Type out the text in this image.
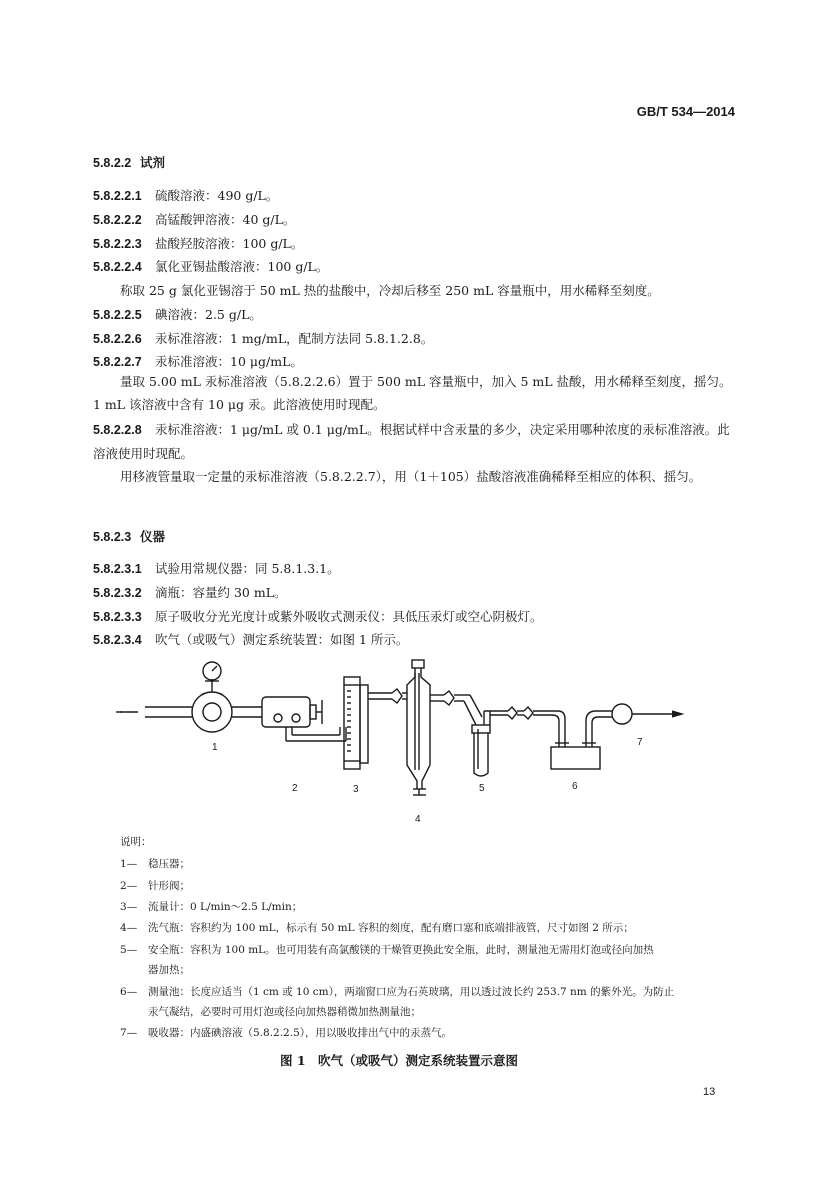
GB/T 534—2014
5.8.2.2 试剂
5.8.2.2.1 硫酸溶液：490 g/L。
5.8.2.2.2 高锰酸钾溶液：40 g/L。
5.8.2.2.3 盐酸羟胺溶液：100 g/L。
5.8.2.2.4 氯化亚锡盐酸溶液：100 g/L。
称取 25 g 氯化亚锡溶于 50 mL 热的盐酸中，冷却后移至 250 mL 容量瓶中，用水稀释至刻度。
5.8.2.2.5 碘溶液：2.5 g/L。
5.8.2.2.6 汞标准溶液：1 mg/mL，配制方法同 5.8.1.2.8。
5.8.2.2.7 汞标准溶液：10 μg/mL。
量取 5.00 mL 汞标准溶液（5.8.2.2.6）置于 500 mL 容量瓶中，加入 5 mL 盐酸，用水稀释至刻度，摇匀。1 mL 该溶液中含有 10 μg 汞。此溶液使用时现配。
5.8.2.2.8 汞标准溶液：1 μg/mL 或 0.1 μg/mL。根据试样中含汞量的多少，决定采用哪种浓度的汞标准溶液。此溶液使用时现配。
用移液管量取一定量的汞标准溶液（5.8.2.2.7），用（1＋105）盐酸溶液准确稀释至相应的体积、摇匀。
5.8.2.3 仪器
5.8.2.3.1 试验用常规仪器：同 5.8.1.3.1。
5.8.2.3.2 滴瓶：容量约 30 mL。
5.8.2.3.3 原子吸收分光光度计或紫外吸收式测汞仪：具低压汞灯或空心阴极灯。
5.8.2.3.4 吹气（或吸气）测定系统装置：如图 1 所示。
1
2	3
4
5	6
7
说明：
1— 稳压器；
2— 针形阀；
3— 流量计：0 L/min～2.5 L/min；
4— 洗气瓶：容积约为 100 mL，标示有 50 mL 容积的刻度，配有磨口塞和底端排液管，尺寸如图 2 所示；
5— 安全瓶：容积为 100 mL。也可用装有高氯酸镁的干燥管更换此安全瓶，此时，测量池无需用灯泡或径向加热
器加热；
6— 测量池：长度应适当（1 cm 或 10 cm），两端窗口应为石英玻璃，用以透过波长约 253.7 nm 的紫外光。为防止
汞气凝结，必要时可用灯泡或径向加热器稍微加热测量池；
7— 吸收器：内盛碘溶液（5.8.2.2.5），用以吸收排出气中的汞蒸气。
图 1　吹气（或吸气）测定系统装置示意图
13
